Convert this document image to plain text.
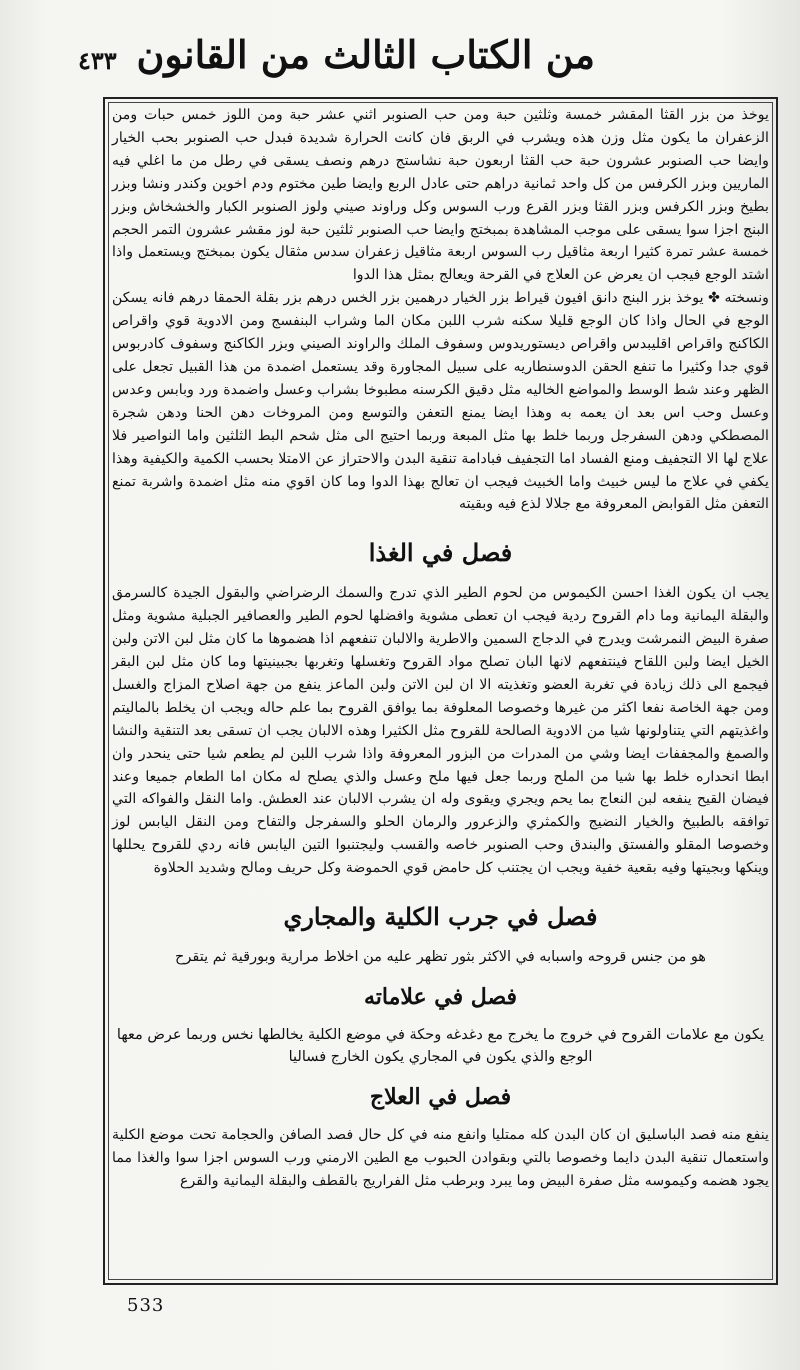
٤٣٣ من الكتاب الثالث من القانون

يوخذ من بزر القثا المقشر خمسة وثلثين حبة ومن حب الصنوبر اثني عشر حبة ومن اللوز خمس حبات ومن الزعفران ما يكون مثل وزن هذه ويشرب في الربق فان كانت الحرارة شديدة فبدل حب الصنوبر بحب الخيار وايضا حب الصنوبر عشرون حبة حب القثا اربعون حبة نشاستج درهم ونصف يسقى في رطل من ما اغلي فيه الماريين وبزر الكرفس من كل واحد ثمانية دراهم حتى عادل الربع وايضا طين مختوم ودم اخوين وكندر ونشا وبزر بطيخ وبزر الكرفس وبزر القثا وبزر القرع ورب السوس وكل وراوند صيني ولوز الصنوبر الكبار والخشخاش وبزر البنج اجزا سوا يسقى على موجب المشاهدة بمبختج وايضا حب الصنوبر ثلثين حبة لوز مقشر عشرون التمر الحجم خمسة عشر تمرة كثيرا اربعة مثاقيل رب السوس اربعة مثاقيل زعفران سدس مثقال يكون بمبختج ويستعمل واذا اشتد الوجع فيجب ان يعرض عن العلاج في القرحة ويعالج بمثل هذا الدوا

ونسخته ✤ يوخذ بزر البنج دانق افيون قيراط بزر الخيار درهمين بزر الخس درهم بزر بقلة الحمقا درهم فانه يسكن الوجع في الحال واذا كان الوجع قليلا سكنه شرب اللبن مكان الما وشراب البنفسج ومن الادوية قوي واقراص الكاكنج واقراص اقليبدس واقراص ديستوريدوس وسفوف الملك والراوند الصيني وبزر الكاكنج وسفوف كادربوس قوي جدا وكثيرا ما تنفع الحقن الدوسنطاريه على سبيل المجاورة وقد يستعمل اضمدة من هذا القبيل تجعل على الظهر وعند شط الوسط والمواضع الخاليه مثل دقيق الكرسنه مطبوخا بشراب وعسل واضمدة ورد وبابس وعدس وعسل وحب اس بعد ان يعمه به وهذا ايضا يمنع التعفن والتوسع ومن المروخات دهن الحنا ودهن شجرة المصطكي ودهن السفرجل وربما خلط بها مثل المبعة وربما احتيج الى مثل شحم البط الثلثين واما النواصير فلا علاج لها الا التجفيف ومنع الفساد اما التجفيف فبادامة تنقية البدن والاحتراز عن الامتلا بحسب الكمية والكيفية وهذا يكفي في علاج ما ليس خبيث واما الخبيث فيجب ان تعالج بهذا الدوا وما كان اقوي منه مثل اضمدة واشربة تمنع التعفن مثل القوابض المعروفة مع جلالا لذع فيه وبقيته

فصل في الغذا

يجب ان يكون الغذا احسن الكيموس من لحوم الطير الذي تدرج والسمك الرضراضي والبقول الجيدة كالسرمق والبقلة اليمانية وما دام القروح ردية فيجب ان تعطى مشوية وافضلها لحوم الطير والعصافير الجبلية مشوية ومثل صفرة البيض النمرشت ويدرج في الدجاج السمين والاطرية والالبان تنفعهم اذا هضموها ما كان مثل لبن الاتن ولبن الخيل ايضا ولبن اللقاح فينتفعهم لانها البان تصلح مواد القروح وتغسلها وتغربها بجبينيتها وما كان مثل لبن البقر فيجمع الى ذلك زيادة في تغربة العضو وتغذيته الا ان لبن الاتن ولبن الماعز ينفع من جهة اصلاح المزاج والغسل ومن جهة الخاصة نفعا اكثر من غيرها وخصوصا المعلوفة بما يوافق القروح بما علم حاله ويجب ان يخلط بالماليتم واغذيتهم التي يتناولونها شيا من الادوية الصالحة للقروح مثل الكثيرا وهذه الالبان يجب ان تسقى بعد التنقية والنشا والصمغ والمجففات ايضا وشي من المدرات من البزور المعروفة واذا شرب اللبن لم يطعم شيا حتى ينحدر وان ابطا انحداره خلط بها شيا من الملح وربما جعل فيها ملح وعسل والذي يصلح له مكان اما الطعام جميعا وعند فيضان القيح ينفعه لبن النعاج بما يحم ويجري ويقوى وله ان يشرب الالبان عند العطش. واما النقل والفواكه التي توافقه بالطبيخ والخيار النضيج والكمثري والزعرور والرمان الحلو والسفرجل والتفاح ومن النقل اليابس لوز وخصوصا المقلو والفستق والبندق وحب الصنوبر خاصه والقسب وليجتنبوا التين اليابس فانه ردي للقروح يحللها وينكها وبجيتها وفيه بقعية خفية ويجب ان يجتنب كل حامض قوي الحموضة وكل حريف ومالح وشديد الحلاوة

فصل في جرب الكلية والمجاري

هو من جنس قروحه واسبابه في الاكثر بثور تظهر عليه من اخلاط مرارية وبورقية ثم يتقرح

فصل في علاماته

يكون مع علامات القروح في خروج ما يخرج مع دغدغه وحكة في موضع الكلية يخالطها نخس وربما عرض معها الوجع والذي يكون في المجاري يكون الخارج فساليا

فصل في العلاج

ينفع منه فصد الباسليق ان كان البدن كله ممتليا وانفع منه في كل حال فصد الصافن والحجامة تحت موضع الكلية واستعمال تنقية البدن دايما وخصوصا بالتي وبقوادن الحبوب مع الطين الارمني ورب السوس اجزا سوا والغذا مما يجود هضمه وكيموسه مثل صفرة البيض وما يبرد وبرطب مثل الفراريج بالقطف والبقلة اليمانية والقرع

533
